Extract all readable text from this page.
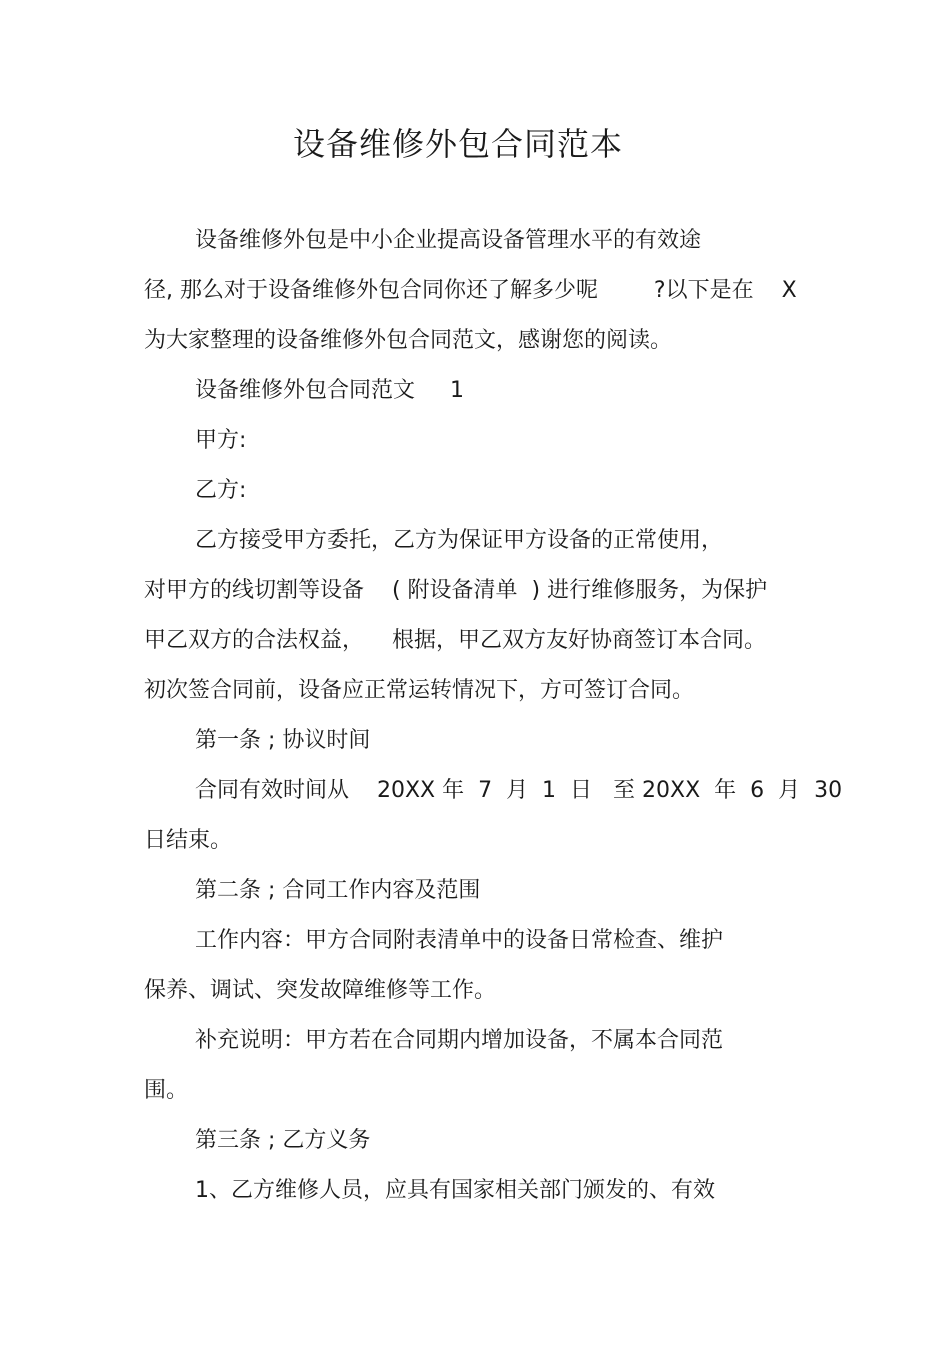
设备维修外包合同范本
设备维修外包是中小企业提高设备管理水平的有效途
径, 那么对于设备维修外包合同你还了解多少呢        ?以下是在    X
为大家整理的设备维修外包合同范文，感谢您的阅读。
设备维修外包合同范文     1
甲方:
乙方:
乙方接受甲方委托，乙方为保证甲方设备的正常使用，
对甲方的线切割等设备    ( 附设备清单  ) 进行维修服务，为保护
甲乙双方的合法权益，    根据，甲乙双方友好协商签订本合同。
初次签合同前，设备应正常运转情况下，方可签订合同。
第一条 ; 协议时间
合同有效时间从    20XX 年  7  月  1  日   至 20XX  年  6  月  30
日结束。
第二条 ; 合同工作内容及范围
工作内容：甲方合同附表清单中的设备日常检查、维护
保养、调试、突发故障维修等工作。
补充说明：甲方若在合同期内增加设备，不属本合同范
围。
第三条 ; 乙方义务
1、乙方维修人员，应具有国家相关部门颁发的、有效
